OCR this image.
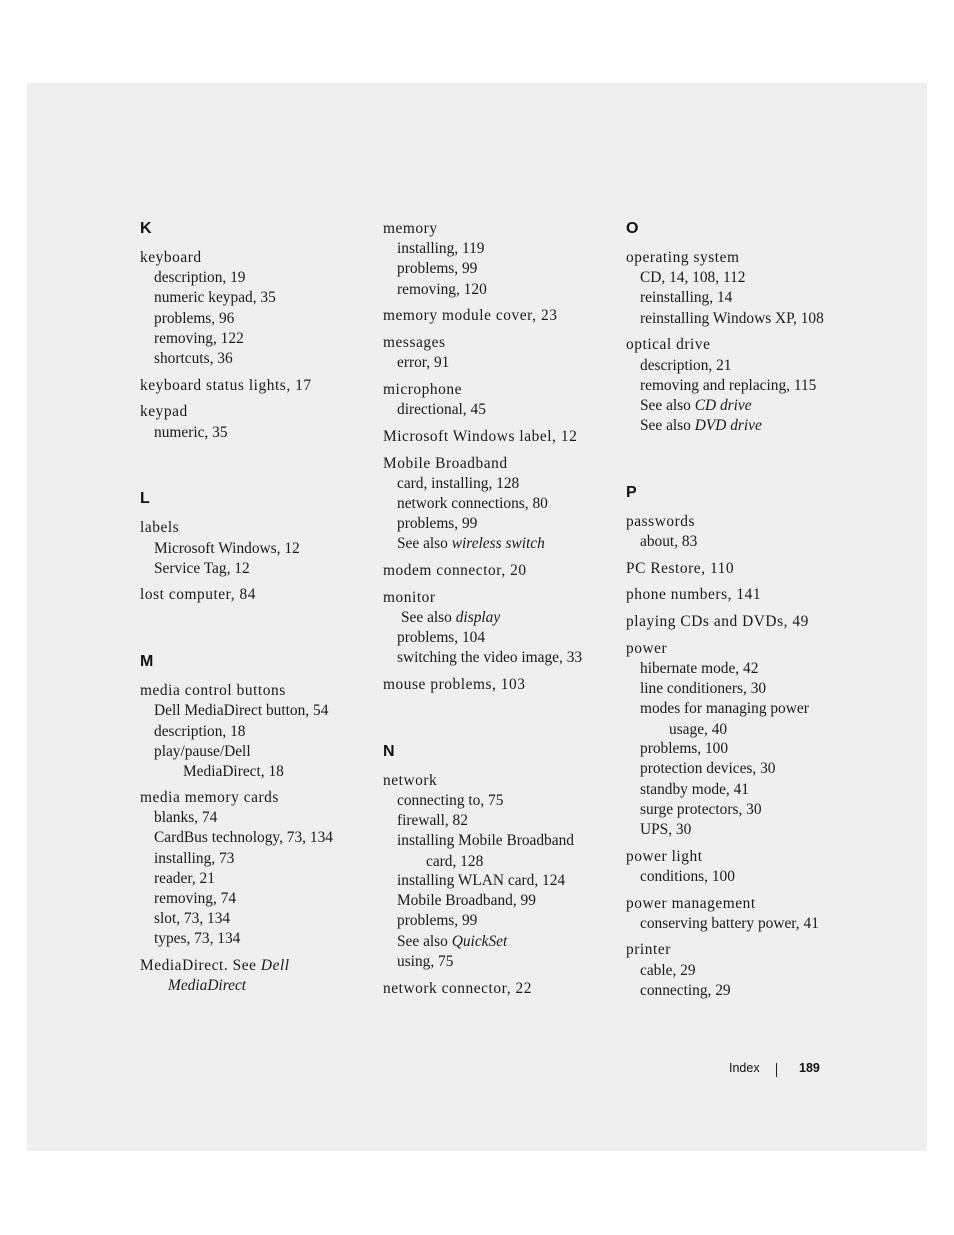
K
keyboard
description, 19
numeric keypad, 35
problems, 96
removing, 122
shortcuts, 36
keyboard status lights, 17
keypad
numeric, 35
L
labels
Microsoft Windows, 12
Service Tag, 12
lost computer, 84
M
media control buttons
Dell MediaDirect button, 54
description, 18
play/pause/Dell
MediaDirect, 18
media memory cards
blanks, 74
CardBus technology, 73, 134
installing, 73
reader, 21
removing, 74
slot, 73, 134
types, 73, 134
MediaDirect. See Dell
MediaDirect
memory
installing, 119
problems, 99
removing, 120
memory module cover, 23
messages
error, 91
microphone
directional, 45
Microsoft Windows label, 12
Mobile Broadband
card, installing, 128
network connections, 80
problems, 99
See also wireless switch
modem connector, 20
monitor
See also display
problems, 104
switching the video image, 33
mouse problems, 103
N
network
connecting to, 75
firewall, 82
installing Mobile Broadband
card, 128
installing WLAN card, 124
Mobile Broadband, 99
problems, 99
See also QuickSet
using, 75
network connector, 22
O
operating system
CD, 14, 108, 112
reinstalling, 14
reinstalling Windows XP, 108
optical drive
description, 21
removing and replacing, 115
See also CD drive
See also DVD drive
P
passwords
about, 83
PC Restore, 110
phone numbers, 141
playing CDs and DVDs, 49
power
hibernate mode, 42
line conditioners, 30
modes for managing power
usage, 40
problems, 100
protection devices, 30
standby mode, 41
surge protectors, 30
UPS, 30
power light
conditions, 100
power management
conserving battery power, 41
printer
cable, 29
connecting, 29
Index	189
